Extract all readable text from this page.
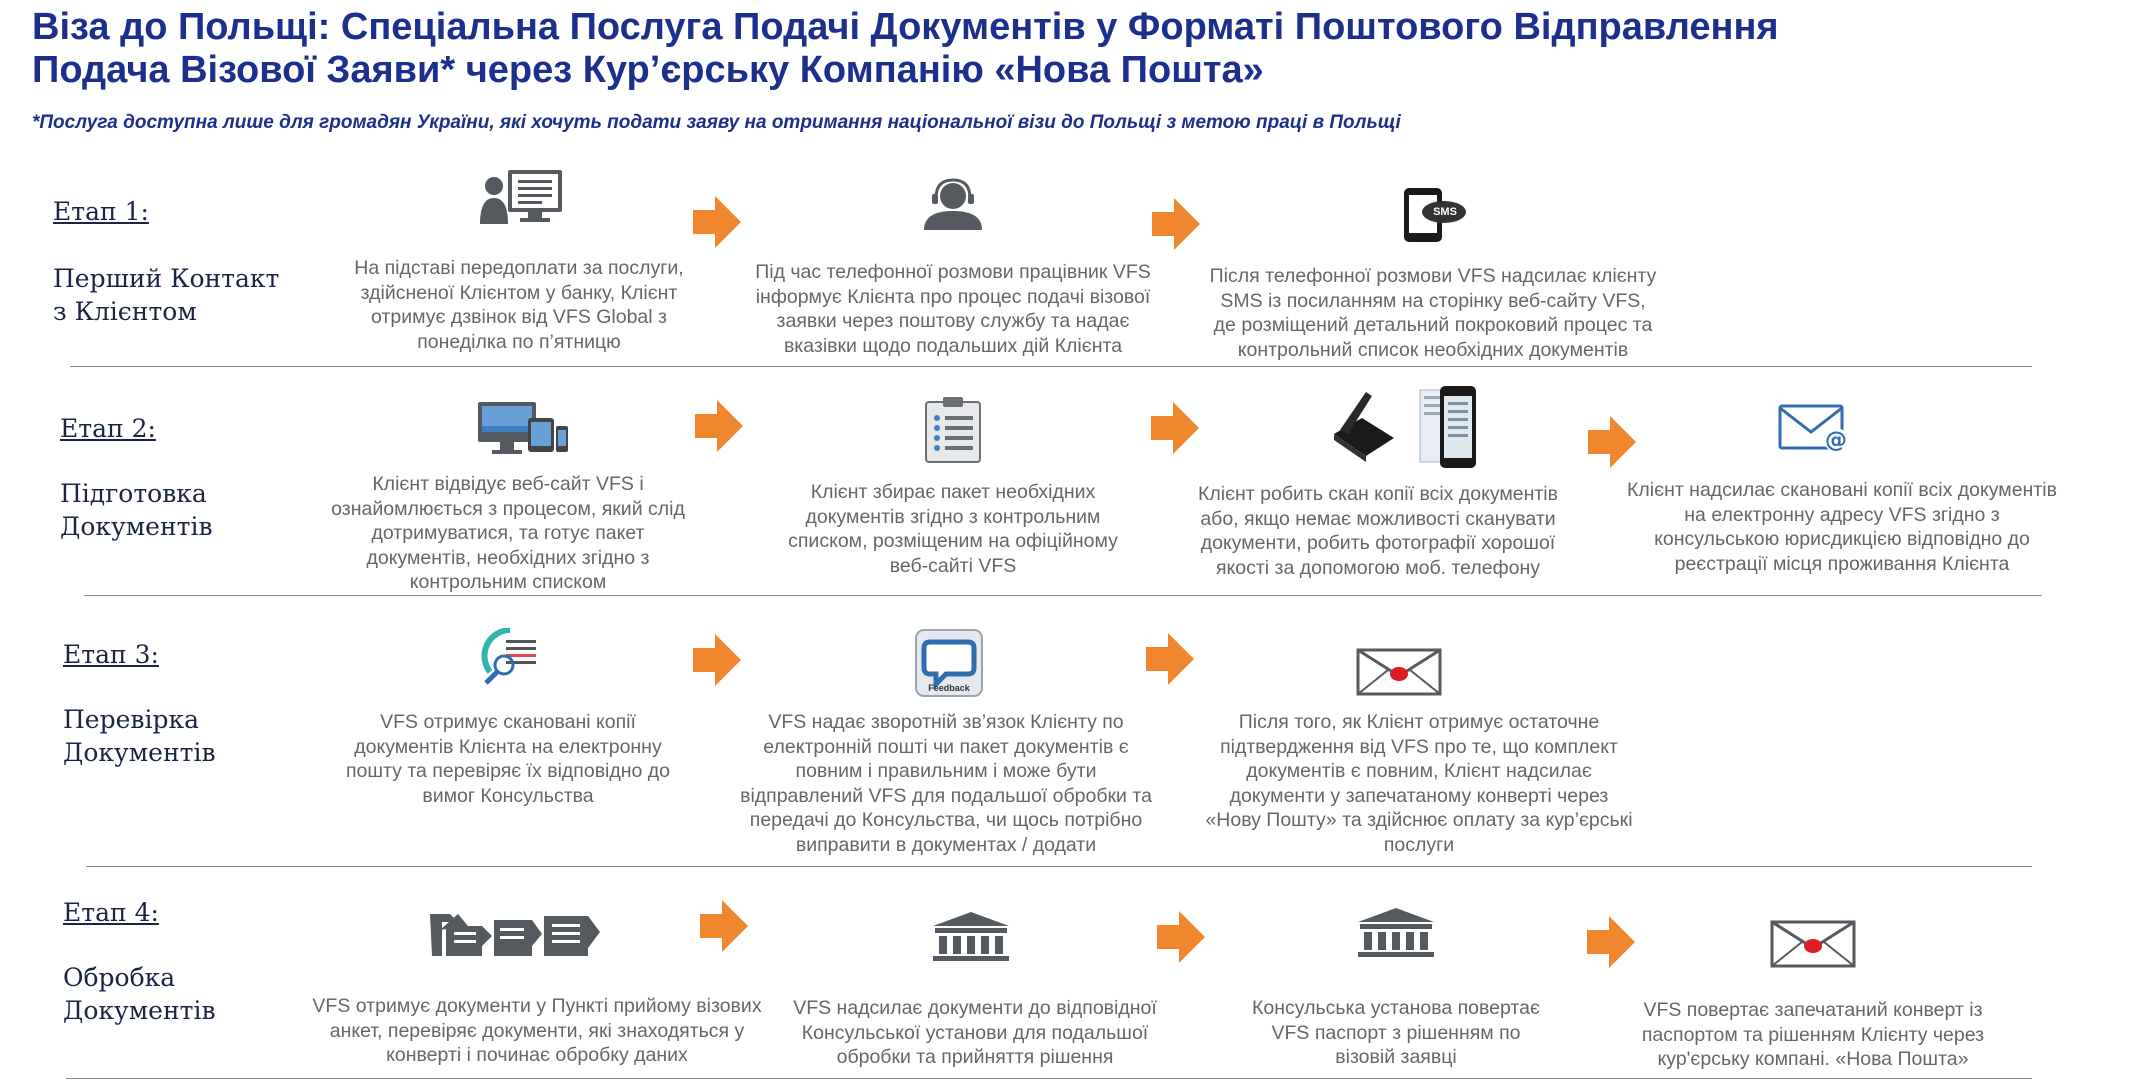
Віза до Польщі: Спеціальна Послуга Подачі Документів у Форматі Поштового Відправлення
Подача Візової Заяви* через Кур’єрську Компанію «Нова Пошта»
*Послуга доступна лише для громадян України, які хочуть подати заяву на отримання національної візи до Польщі з метою праці в Польщі
Етап 1:
Перший Контакт з Клієнтом
На підставі передоплати за послуги, здійсненої Клієнтом у банку, Клієнт отримує дзвінок від VFS Global з понеділка по п’ятницю
Під час телефонної розмови працівник VFS інформує Клієнта про процес подачі візової заявки через поштову службу та надає вказівки щодо подальших дій Клієнта
SMS
Після телефонної розмови VFS надсилає клієнту SMS із посиланням на сторінку веб-сайту VFS, де розміщений детальний покроковий процес та контрольний список необхідних документів
Етап 2:
Підготовка Документів
Клієнт відвідує веб-сайт VFS і ознайомлюється з процесом, який слід дотримуватися, та готує пакет документів, необхідних згідно з контрольним списком
Клієнт збирає пакет необхідних документів згідно з контрольним списком, розміщеним на офіційному веб-сайті VFS
Клієнт робить скан копії всіх документів або, якщо немає можливості сканувати документи, робить фотографії хорошої якості за допомогою моб. телефону
@
Клієнт надсилає скановані копії всіх документів на електронну адресу VFS згідно з консульською юрисдикцією відповідно до реєстрації місця проживання Клієнта
Етап 3:
Перевірка Документів
VFS отримує скановані копії документів Клієнта на електронну пошту та перевіряє їх відповідно до вимог Консульства
Feedback
VFS надає зворотній зв’язок Клієнту по електронній пошті чи пакет документів є повним і правильним і може бути відправлений VFS для подальшої обробки та передачі до Консульства, чи щось потрібно виправити в документах / додати
Після того, як Клієнт отримує остаточне підтвердження від VFS про те, що комплект документів є повним, Клієнт надсилає документи у запечатаному конверті через «Нову Пошту» та здійснює оплату за кур’єрські послуги
Етап 4:
Обробка Документів	VFS отримує документи у Пункті прийому візових анкет, перевіряє документи, які знаходяться у конверті і починає обробку даних
VFS надсилає документи до відповідної Консульської установи для подальшої обробки та прийняття рішення
Консульська установа повертає VFS паспорт з рішенням по візовій заявці
VFS повертає запечатаний конверт із паспортом та рішенням Клієнту через кур'єрську компані. «Нова Пошта»
